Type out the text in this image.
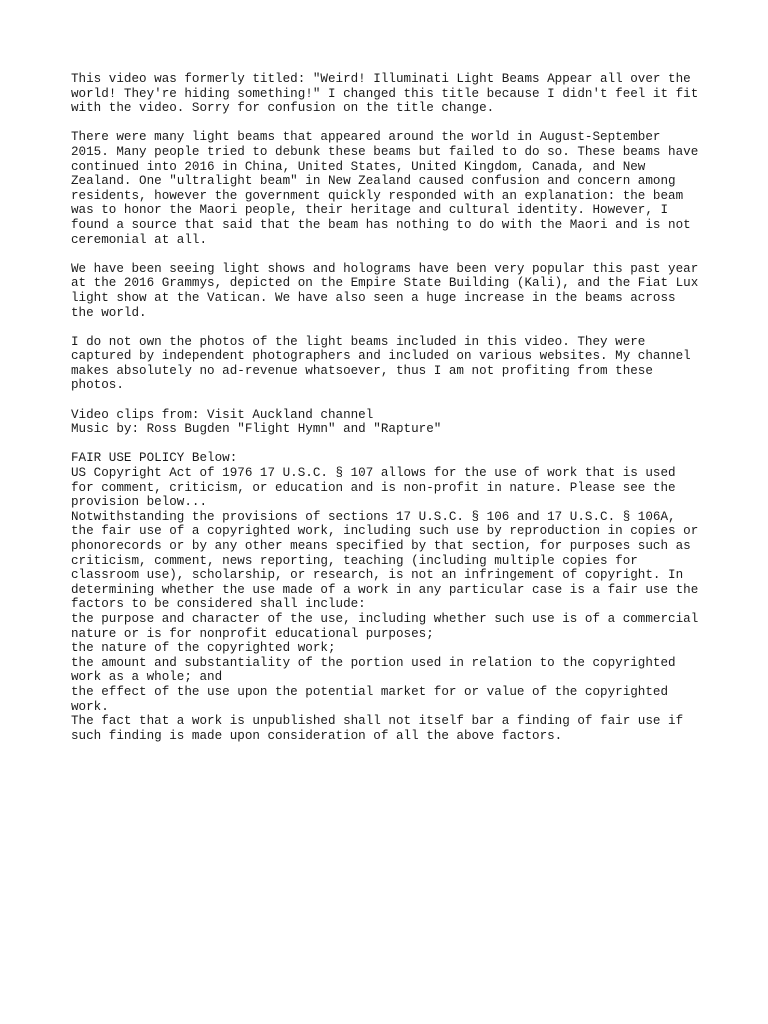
This video was formerly titled: "Weird! Illuminati Light Beams Appear all over the
world! They're hiding something!" I changed this title because I didn't feel it fit
with the video. Sorry for confusion on the title change.
There were many light beams that appeared around the world in August-September
2015. Many people tried to debunk these beams but failed to do so. These beams have
continued into 2016 in China, United States, United Kingdom, Canada, and New
Zealand. One "ultralight beam" in New Zealand caused confusion and concern among
residents, however the government quickly responded with an explanation: the beam
was to honor the Maori people, their heritage and cultural identity. However, I
found a source that said that the beam has nothing to do with the Maori and is not
ceremonial at all.
We have been seeing light shows and holograms have been very popular this past year
at the 2016 Grammys, depicted on the Empire State Building (Kali), and the Fiat Lux
light show at the Vatican. We have also seen a huge increase in the beams across
the world.
I do not own the photos of the light beams included in this video. They were
captured by independent photographers and included on various websites. My channel
makes absolutely no ad-revenue whatsoever, thus I am not profiting from these
photos.
Video clips from: Visit Auckland channel
Music by: Ross Bugden "Flight Hymn" and "Rapture"
FAIR USE POLICY Below:
US Copyright Act of 1976 17 U.S.C. § 107 allows for the use of work that is used
for comment, criticism, or education and is non-profit in nature. Please see the
provision below...
Notwithstanding the provisions of sections 17 U.S.C. § 106 and 17 U.S.C. § 106A,
the fair use of a copyrighted work, including such use by reproduction in copies or
phonorecords or by any other means specified by that section, for purposes such as
criticism, comment, news reporting, teaching (including multiple copies for
classroom use), scholarship, or research, is not an infringement of copyright. In
determining whether the use made of a work in any particular case is a fair use the
factors to be considered shall include:
the purpose and character of the use, including whether such use is of a commercial
nature or is for nonprofit educational purposes;
the nature of the copyrighted work;
the amount and substantiality of the portion used in relation to the copyrighted
work as a whole; and
the effect of the use upon the potential market for or value of the copyrighted
work.
The fact that a work is unpublished shall not itself bar a finding of fair use if
such finding is made upon consideration of all the above factors.
